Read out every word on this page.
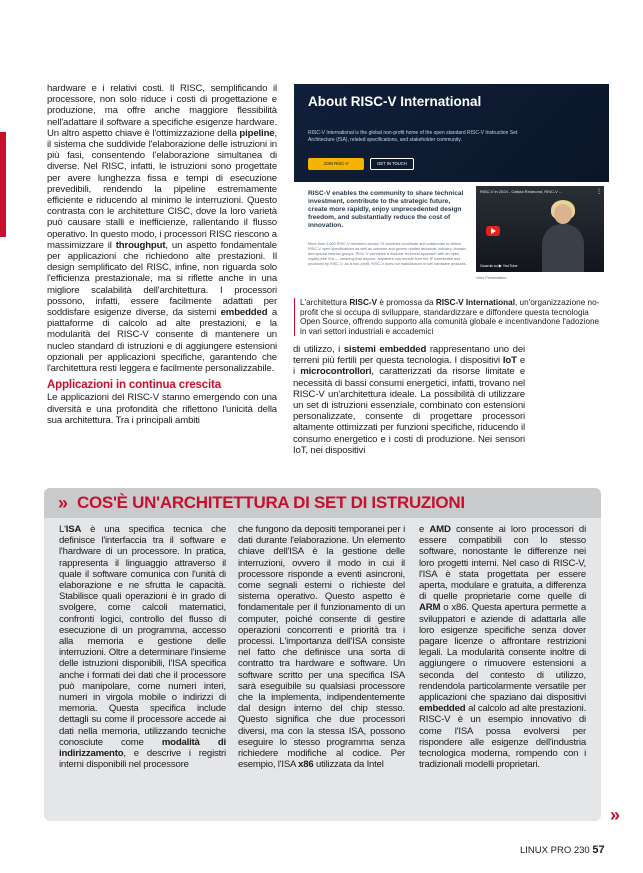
hardware e i relativi costi. Il RISC, semplificando il processore, non solo riduce i costi di progettazione e produzione, ma offre anche maggiore flessibilità nell'adattare il software a specifiche esigenze hardware. Un altro aspetto chiave è l'ottimizzazione della pipeline, il sistema che suddivide l'elaborazione delle istruzioni in più fasi, consentendo l'elaborazione simultanea di diverse. Nel RISC, infatti, le istruzioni sono progettate per avere lunghezza fissa e tempi di esecuzione prevedibili, rendendo la pipeline estremamente efficiente e riducendo al minimo le interruzioni. Questo contrasta con le architetture CISC, dove la loro varietà può causare stalli e inefficienze, rallentando il flusso operativo. In questo modo, i processori RISC riescono a massimizzare il throughput, un aspetto fondamentale per applicazioni che richiedono alte prestazioni. Il design semplificato del RISC, infine, non riguarda solo l'efficienza prestazionale, ma si riflette anche in una migliore scalabilità dell'architettura. I processori possono, infatti, essere facilmente adattati per soddisfare esigenze diverse, da sistemi embedded a piattaforme di calcolo ad alte prestazioni, e la modularità del RISC-V consente di mantenere un nucleo standard di istruzioni e di aggiungere estensioni opzionali per applicazioni specifiche, garantendo che l'architettura resti leggera e facilmente personalizzabile.

Applicazioni in continua crescita

Le applicazioni del RISC-V stanno emergendo con una diversità e una profondità che riflettono l'unicità della sua architettura. Tra i principali ambiti

About RISC-V International
RISC-V International is the global non-profit home of the open standard RISC-V Instruction Set Architecture (ISA), related specifications, and stakeholder community.
JOIN RISC-V INTERNATIONAL
GET IN TOUCH
RISC-V enables the community to share technical investment, contribute to the strategic future, create more rapidly, enjoy unprecedented design freedom, and substantially reduce the cost of innovation.
More than 4,500 RISC-V members across 70 countries contribute and collaborate to define RISC-V open specifications as well as convene and govern related technical, industry, domain, and special interest groups. RISC-V combines a modular technical approach with an open, royalty-free ISA — meaning that anyone, anywhere can benefit from the IP contributed and produced by RISC-V. As a non-profit, RISC-V does not manufacture or sell hardware products.
RISC-V in 2024 - Calista Redmond, RISC-V ...	⋮
Guarda su ▶ YouTube
View Presentation
L'architettura RISC-V è promossa da RISC-V International, un'organizzazione no-profit che si occupa di sviluppare, standardizzare e diffondere questa tecnologia Open Source, offrendo supporto alla comunità globale e incentivandone l'adozione in vari settori industriali e accademici

di utilizzo, i sistemi embedded rappresentano uno dei terreni più fertili per questa tecnologia. I dispositivi IoT e i microcontrollori, caratterizzati da risorse limitate e necessità di bassi consumi energetici, infatti, trovano nel RISC-V un'architettura ideale. La possibilità di utilizzare un set di istruzioni essenziale, combinato con estensioni personalizzate, consente di progettare processori altamente ottimizzati per funzioni specifiche, riducendo il consumo energetico e i costi di produzione. Nei sensori IoT, nei dispositivi

» COS'È UN'ARCHITETTURA DI SET DI ISTRUZIONI

L'ISA è una specifica tecnica che definisce l'interfaccia tra il software e l'hardware di un processore. In pratica, rappresenta il linguaggio attraverso il quale il software comunica con l'unità di elaborazione e ne sfrutta le capacità. Stabilisce quali operazioni è in grado di svolgere, come calcoli matematici, confronti logici, controllo del flusso di esecuzione di un programma, accesso alla memoria e gestione delle interruzioni. Oltre a determinare l'insieme delle istruzioni disponibili, l'ISA specifica anche i formati dei dati che il processore può manipolare, come numeri interi, numeri in virgola mobile o indirizzi di memoria. Questa specifica include dettagli su come il processore accede ai dati nella memoria, utilizzando tecniche conosciute come modalità di indirizzamento, e descrive i registri interni disponibili nel processore

che fungono da depositi temporanei per i dati durante l'elaborazione. Un elemento chiave dell'ISA è la gestione delle interruzioni, ovvero il modo in cui il processore risponde a eventi asincroni, come segnali esterni o richieste del sistema operativo. Questo aspetto è fondamentale per il funzionamento di un computer, poiché consente di gestire operazioni concorrenti e priorità tra i processi. L'importanza dell'ISA consiste nel fatto che definisce una sorta di contratto tra hardware e software. Un software scritto per una specifica ISA sarà eseguibile su qualsiasi processore che la implementa, indipendentemente dal design interno del chip stesso. Questo significa che due processori diversi, ma con la stessa ISA, possono eseguire lo stesso programma senza richiedere modifiche al codice. Per esempio, l'ISA x86 utilizzata da Intel

e AMD consente ai loro processori di essere compatibili con lo stesso software, nonostante le differenze nei loro progetti interni. Nel caso di RISC-V, l'ISA è stata progettata per essere aperta, modulare e gratuita, a differenza di quelle proprietarie come quelle di ARM o x86. Questa apertura permette a sviluppatori e aziende di adattarla alle loro esigenze specifiche senza dover pagare licenze o affrontare restrizioni legali. La modularità consente inoltre di aggiungere o rimuovere estensioni a seconda del contesto di utilizzo, rendendola particolarmente versatile per applicazioni che spaziano dai dispositivi embedded al calcolo ad alte prestazioni. RISC-V è un esempio innovativo di come l'ISA possa evolversi per rispondere alle esigenze dell'industria tecnologica moderna, rompendo con i tradizionali modelli proprietari.

»
LINUX PRO 230 57
